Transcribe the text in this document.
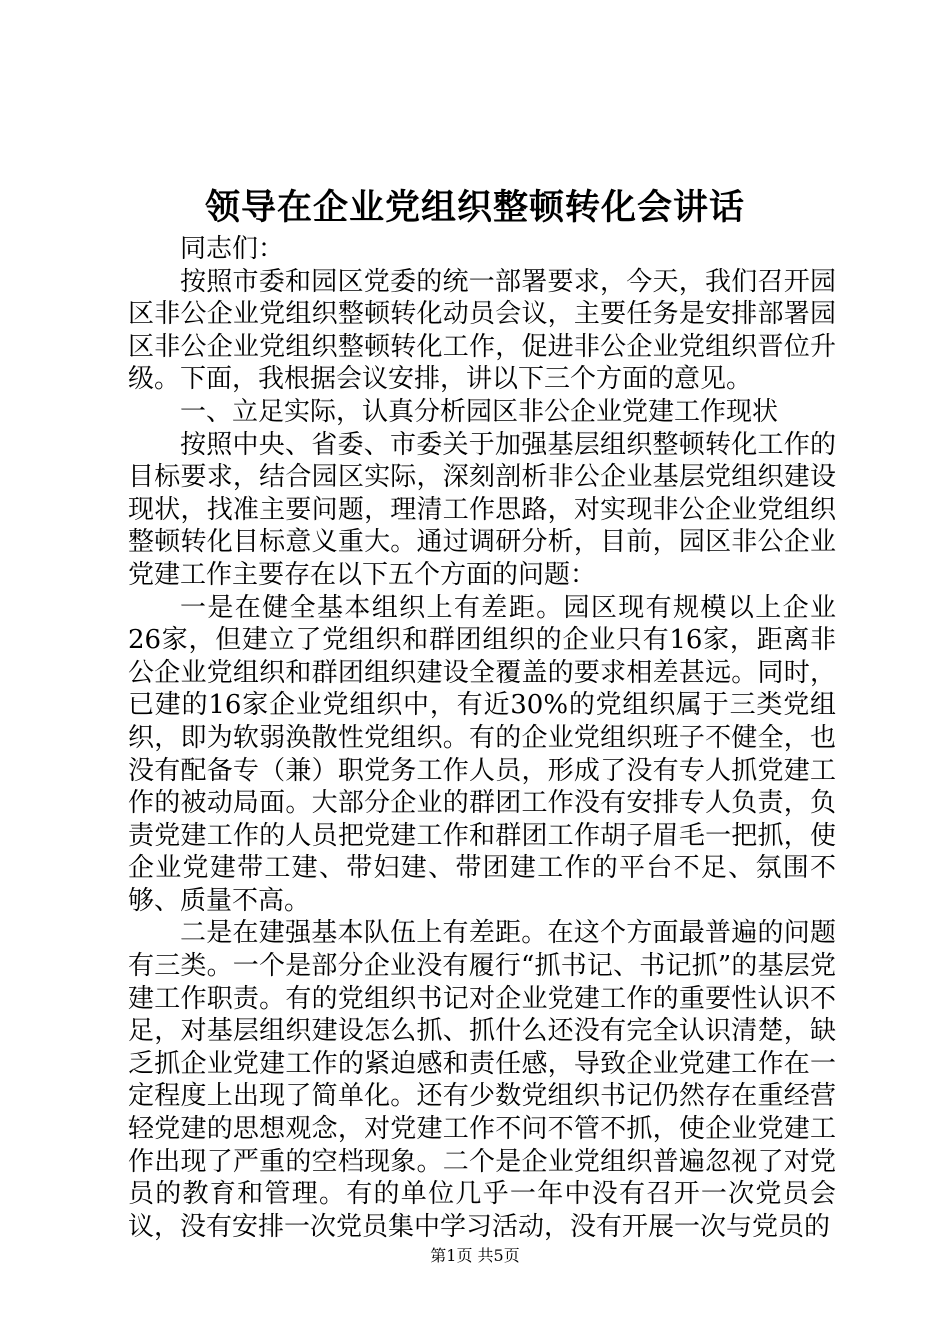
领导在企业党组织整顿转化会讲话

同志们：

按照市委和园区党委的统一部署要求，今天，我们召开园区非公企业党组织整顿转化动员会议，主要任务是安排部署园区非公企业党组织整顿转化工作，促进非公企业党组织晋位升级。下面，我根据会议安排，讲以下三个方面的意见。

一、立足实际，认真分析园区非公企业党建工作现状

按照中央、省委、市委关于加强基层组织整顿转化工作的目标要求，结合园区实际，深刻剖析非公企业基层党组织建设现状，找准主要问题，理清工作思路，对实现非公企业党组织整顿转化目标意义重大。通过调研分析，目前，园区非公企业党建工作主要存在以下五个方面的问题：

一是在健全基本组织上有差距。园区现有规模以上企业26家，但建立了党组织和群团组织的企业只有16家，距离非公企业党组织和群团组织建设全覆盖的要求相差甚远。同时，已建的16家企业党组织中，有近30%的党组织属于三类党组织，即为软弱涣散性党组织。有的企业党组织班子不健全，也没有配备专（兼）职党务工作人员，形成了没有专人抓党建工作的被动局面。大部分企业的群团工作没有安排专人负责，负责党建工作的人员把党建工作和群团工作胡子眉毛一把抓，使企业党建带工建、带妇建、带团建工作的平台不足、氛围不够、质量不高。

二是在建强基本队伍上有差距。在这个方面最普遍的问题有三类。一个是部分企业没有履行“抓书记、书记抓”的基层党建工作职责。有的党组织书记对企业党建工作的重要性认识不足，对基层组织建设怎么抓、抓什么还没有完全认识清楚，缺乏抓企业党建工作的紧迫感和责任感，导致企业党建工作在一定程度上出现了简单化。还有少数党组织书记仍然存在重经营轻党建的思想观念，对党建工作不问不管不抓，使企业党建工作出现了严重的空档现象。二个是企业党组织普遍忽视了对党员的教育和管理。有的单位几乎一年中没有召开一次党员会议，没有安排一次党员集中学习活动，没有开展一次与党员的

第1页 共5页
